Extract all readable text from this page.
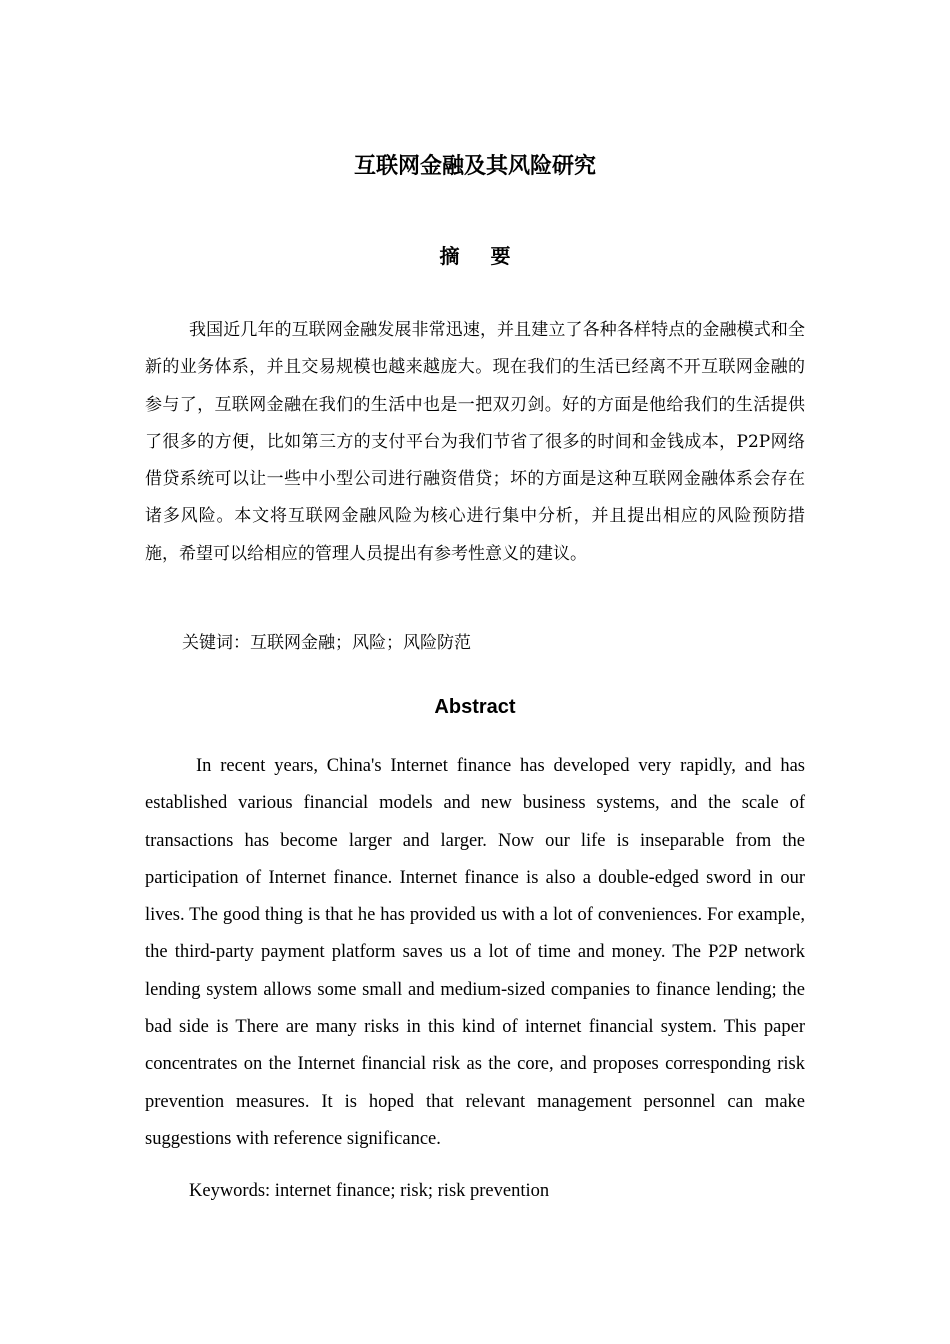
互联网金融及其风险研究
摘 要

我国近几年的互联网金融发展非常迅速，并且建立了各种各样特点的金融模式和全新的业务体系，并且交易规模也越来越庞大。现在我们的生活已经离不开互联网金融的参与了，互联网金融在我们的生活中也是一把双刃剑。好的方面是他给我们的生活提供了很多的方便，比如第三方的支付平台为我们节省了很多的时间和金钱成本，P2P网络借贷系统可以让一些中小型公司进行融资借贷；坏的方面是这种互联网金融体系会存在诸多风险。本文将互联网金融风险为核心进行集中分析，并且提出相应的风险预防措施，希望可以给相应的管理人员提出有参考性意义的建议。

关键词：互联网金融；风险；风险防范

Abstract

In recent years, China's Internet finance has developed very rapidly, and has established various financial models and new business systems, and the scale of transactions has become larger and larger. Now our life is inseparable from the participation of Internet finance. Internet finance is also a double-edged sword in our lives. The good thing is that he has provided us with a lot of conveniences. For example, the third-party payment platform saves us a lot of time and money. The P2P network lending system allows some small and medium-sized companies to finance lending; the bad side is There are many risks in this kind of internet financial system. This paper concentrates on the Internet financial risk as the core, and proposes corresponding risk prevention measures. It is hoped that relevant management personnel can make suggestions with reference significance.

Keywords: internet finance; risk; risk prevention
